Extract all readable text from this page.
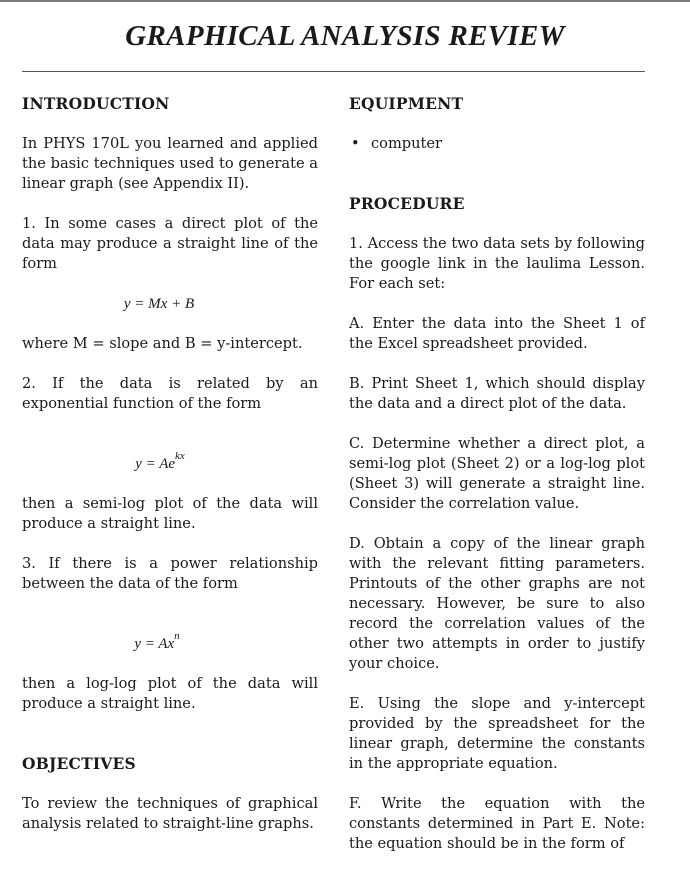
GRAPHICAL ANALYSIS REVIEW
INTRODUCTION

In PHYS 170L you learned and applied the basic techniques used to generate a linear graph (see Appendix II).

1. In some cases a direct plot of the data may produce a straight line of the form

y = Mx + B

where M = slope and B = y-intercept.

2. If the data is related by an exponential function of the form

$y = Ae^{kx}$

then a semi-log plot of the data will produce a straight line.

3. If there is a power relationship between the data of the form

$y = Ax^n$

then a log-log plot of the data will produce a straight line.

OBJECTIVES

To review the techniques of graphical analysis related to straight-line graphs.

EQUIPMENT
• computer
PROCEDURE

1. Access the two data sets by following the google link in the laulima Lesson. For each set:

A. Enter the data into the Sheet 1 of the Excel spreadsheet provided.

B. Print Sheet 1, which should display the data and a direct plot of the data.

C. Determine whether a direct plot, a semi-log plot (Sheet 2) or a log-log plot (Sheet 3) will generate a straight line. Consider the correlation value.

D. Obtain a copy of the linear graph with the relevant fitting parameters. Printouts of the other graphs are not necessary. However, be sure to also record the correlation values of the other two attempts in order to justify your choice.

E. Using the slope and y-intercept provided by the spreadsheet for the linear graph, determine the constants in the appropriate equation.

F. Write the equation with the constants determined in Part E. Note: the equation should be in the form of
